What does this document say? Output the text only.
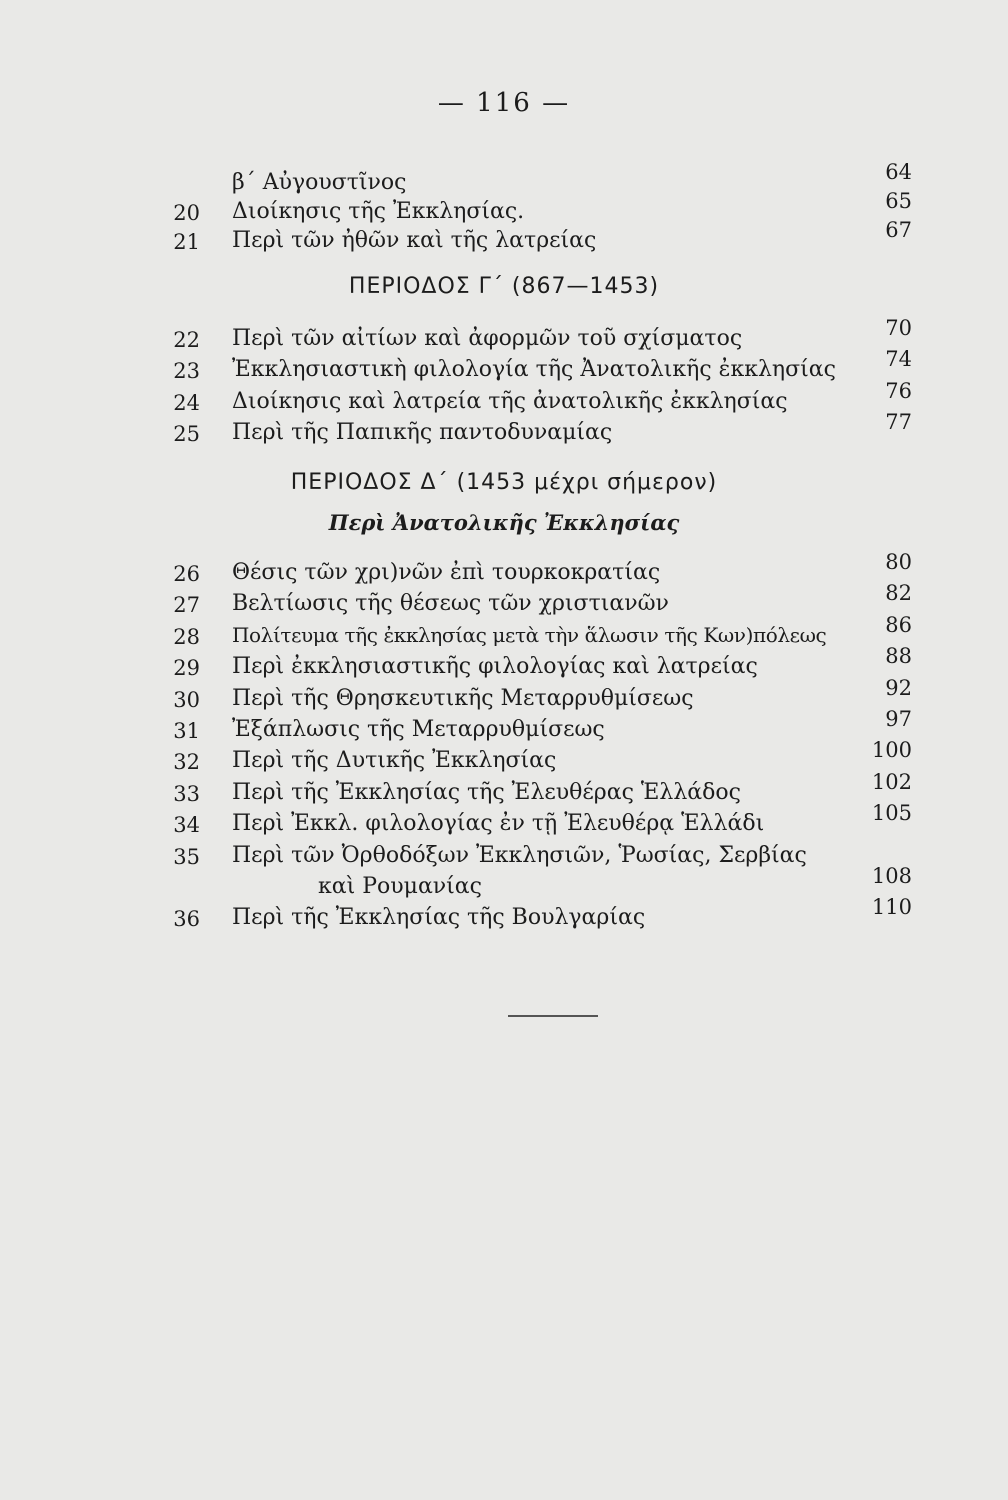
— 116 —
β΄ Αὐγουστῖνος	64
20 Διοίκησις τῆς Ἐκκλησίας.	65
21 Περὶ τῶν ἠθῶν καὶ τῆς λατρείας	67
ΠΕΡΙΟΔΟΣ Γ΄ (867—1453)
22 Περὶ τῶν αἰτίων καὶ ἀφορμῶν τοῦ σχίσματος	70
23 Ἐκκλησιαστικὴ φιλολογία τῆς Ἀνατολικῆς ἐκκλησίας 74
24 Διοίκησις καὶ λατρεία τῆς ἀνατολικῆς ἐκκλησίας	76
25 Περὶ τῆς Παπικῆς παντοδυναμίας	77
ΠΕΡΙΟΔΟΣ Δ΄ (1453 μέχρι σήμερον)
Περὶ Ἀνατολικῆς Ἐκκλησίας
26 Θέσις τῶν χρι)νῶν ἐπὶ τουρκοκρατίας	80
27 Βελτίωσις τῆς θέσεως τῶν χριστιανῶν	82
28 Πολίτευμα τῆς ἐκκλησίας μετὰ τὴν ἅλωσιν τῆς Κων)πόλεως	86
29 Περὶ ἐκκλησιαστικῆς φιλολογίας καὶ λατρείας	88
30 Περὶ τῆς Θρησκευτικῆς Μεταρρυθμίσεως	92
31 Ἐξάπλωσις τῆς Μεταρρυθμίσεως	97
32 Περὶ τῆς Δυτικῆς Ἐκκλησίας	100
33 Περὶ τῆς Ἐκκλησίας τῆς Ἐλευθέρας Ἑλλάδος	102
34 Περὶ Ἐκκλ. φιλολογίας ἐν τῇ Ἐλευθέρᾳ Ἑλλάδι	105
35 Περὶ τῶν Ὀρθοδόξων Ἐκκλησιῶν, Ῥωσίας, Σερβίας
καὶ Ρουμανίας	108
36 Περὶ τῆς Ἐκκλησίας τῆς Βουλγαρίας	110
